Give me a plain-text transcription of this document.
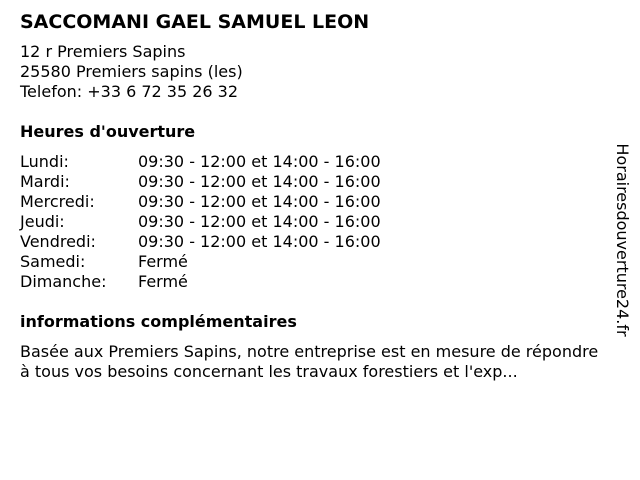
SACCOMANI GAEL SAMUEL LEON
12 r Premiers Sapins
25580 Premiers sapins (les)
Telefon: +33 6 72 35 26 32
Heures d'ouverture
Lundi:	09:30 - 12:00 et 14:00 - 16:00
Mardi:	09:30 - 12:00 et 14:00 - 16:00
Mercredi:	09:30 - 12:00 et 14:00 - 16:00
Jeudi:	09:30 - 12:00 et 14:00 - 16:00
Vendredi:	09:30 - 12:00 et 14:00 - 16:00
Samedi:	Fermé
Dimanche:	Fermé
informations complémentaires
Basée aux Premiers Sapins, notre entreprise est en mesure de répondre à tous vos besoins concernant les travaux forestiers et l'exp...
Horairesdouverture24.fr
